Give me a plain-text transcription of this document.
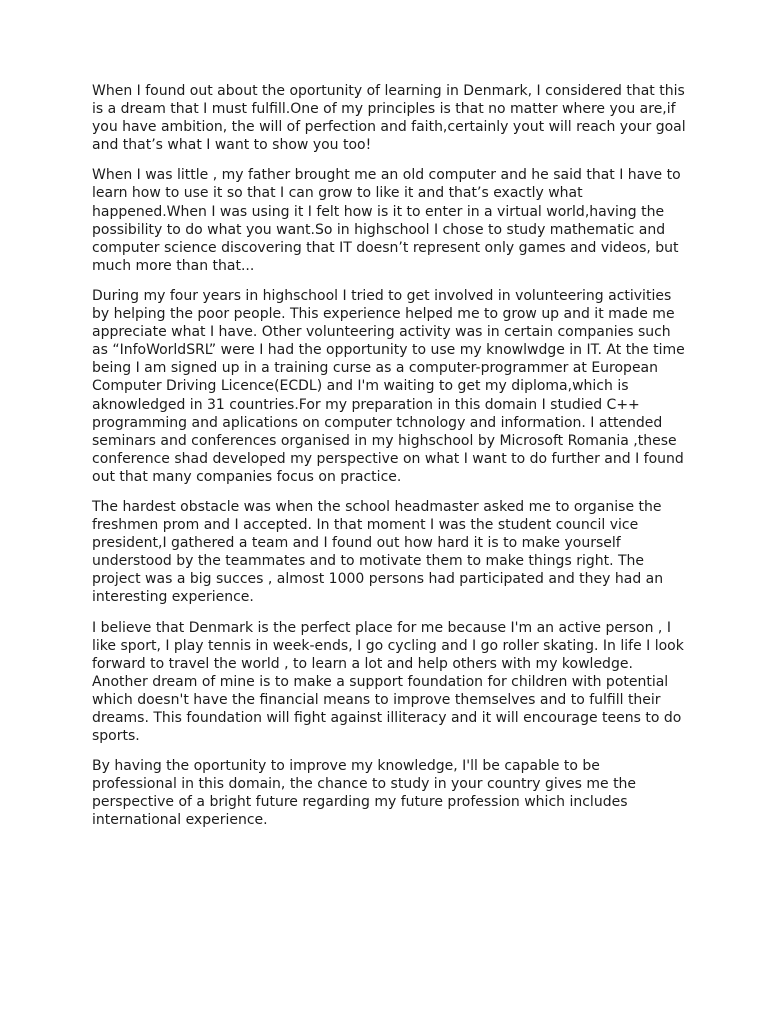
When I found out about the oportunity of learning in Denmark, I considered that this is a dream that I must fulfill.One of my principles is that no matter where you are,if you have ambition, the will of perfection and faith,certainly yout will reach your goal and that’s what I want to show you too!

When I was little , my father brought me an old computer and he said that I have to learn how to use it so that I can grow to like it and that’s exactly what happened.When I was using it I felt how is it to enter in a virtual world,having the possibility to do what you want.So in highschool I chose to study mathematic and computer science discovering that IT doesn’t represent only games and videos, but much more than that...

During my four years in highschool I tried to get involved in volunteering activities by helping the poor people. This experience helped me to grow up and it made me appreciate what I have. Other volunteering activity was in certain companies such as “InfoWorldSRL” were I had the opportunity to use my knowlwdge in IT. At the time being I am signed up in a training curse as a computer-programmer at European Computer Driving Licence(ECDL) and I'm waiting to get my diploma,which is aknowledged in 31 countries.For my preparation in this domain I studied C++ programming and aplications on computer tchnology and information. I attended seminars and conferences organised in my highschool by Microsoft Romania ,these conference shad developed my perspective on what I want to do further and I found out that many companies focus on practice.

The hardest obstacle was when the school headmaster asked me to organise the freshmen prom and I accepted. In that moment I was the student council vice president,I gathered a team and I found out how hard it is to make yourself understood by the teammates and to motivate them to make things right. The project was a big succes , almost 1000 persons had participated and they had an interesting experience.

I believe that Denmark is the perfect place for me because I'm an active person , I like sport, I play tennis in week-ends, I go cycling and I go roller skating. In life I look forward to travel the world , to learn a lot and help others with my kowledge. Another dream of mine is to make a support foundation for children with potential which doesn't have the financial means to improve themselves and to fulfill their dreams. This foundation will fight against illiteracy and it will encourage teens to do sports.

By having the oportunity to improve my knowledge, I'll be capable to be professional in this domain, the chance to study in your country gives me the perspective of a bright future regarding my future profession which includes international experience.
